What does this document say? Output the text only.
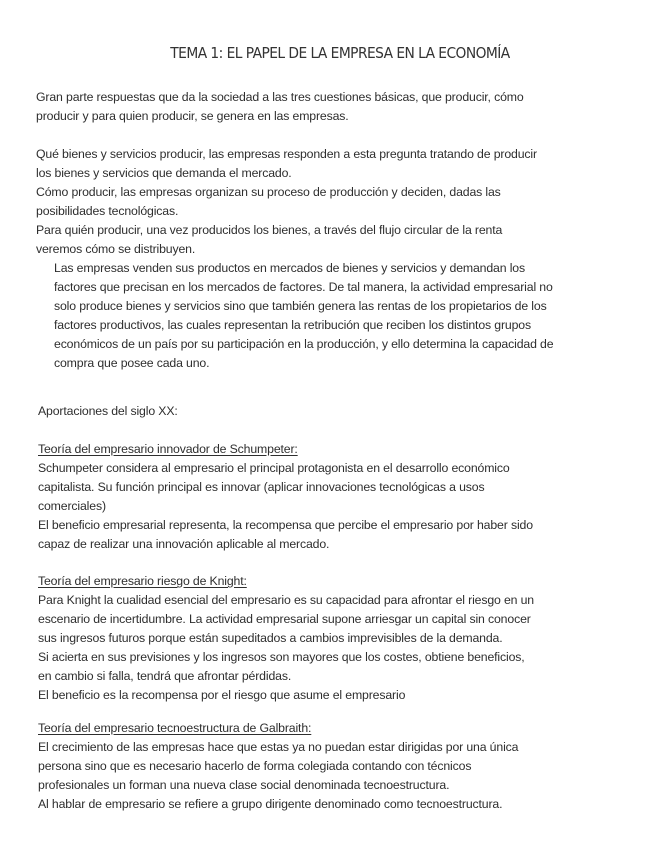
TEMA 1: EL PAPEL DE LA EMPRESA EN LA ECONOMÍA
Gran parte respuestas que da la sociedad a las tres cuestiones básicas, que producir, cómo
producir y para quien producir, se genera en las empresas.
Qué bienes y servicios producir, las empresas responden a esta pregunta tratando de producir
los bienes y servicios que demanda el mercado.
Cómo producir, las empresas organizan su proceso de producción y deciden, dadas las
posibilidades tecnológicas.
Para quién producir, una vez producidos los bienes, a través del flujo circular de la renta
veremos cómo se distribuyen.
Las empresas venden sus productos en mercados de bienes y servicios y demandan los
factores que precisan en los mercados de factores. De tal manera, la actividad empresarial no
solo produce bienes y servicios sino que también genera las rentas de los propietarios de los
factores productivos, las cuales representan la retribución que reciben los distintos grupos
económicos de un país por su participación en la producción, y ello determina la capacidad de
compra que posee cada uno.
Aportaciones del siglo XX:
Teoría del empresario innovador de Schumpeter:
Schumpeter considera al empresario el principal protagonista en el desarrollo económico
capitalista. Su función principal es innovar (aplicar innovaciones tecnológicas a usos
comerciales)
El beneficio empresarial representa, la recompensa que percibe el empresario por haber sido
capaz de realizar una innovación aplicable al mercado.
Teoría del empresario riesgo de Knight:
Para Knight la cualidad esencial del empresario es su capacidad para afrontar el riesgo en un
escenario de incertidumbre. La actividad empresarial supone arriesgar un capital sin conocer
sus ingresos futuros porque están supeditados a cambios imprevisibles de la demanda.
Si acierta en sus previsiones y los ingresos son mayores que los costes, obtiene beneficios,
en cambio si falla, tendrá que afrontar pérdidas.
El beneficio es la recompensa por el riesgo que asume el empresario
Teoría del empresario tecnoestructura de Galbraith:
El crecimiento de las empresas hace que estas ya no puedan estar dirigidas por una única
persona sino que es necesario hacerlo de forma colegiada contando con técnicos
profesionales un forman una nueva clase social denominada tecnoestructura.
Al hablar de empresario se refiere a grupo dirigente denominado como tecnoestructura.
